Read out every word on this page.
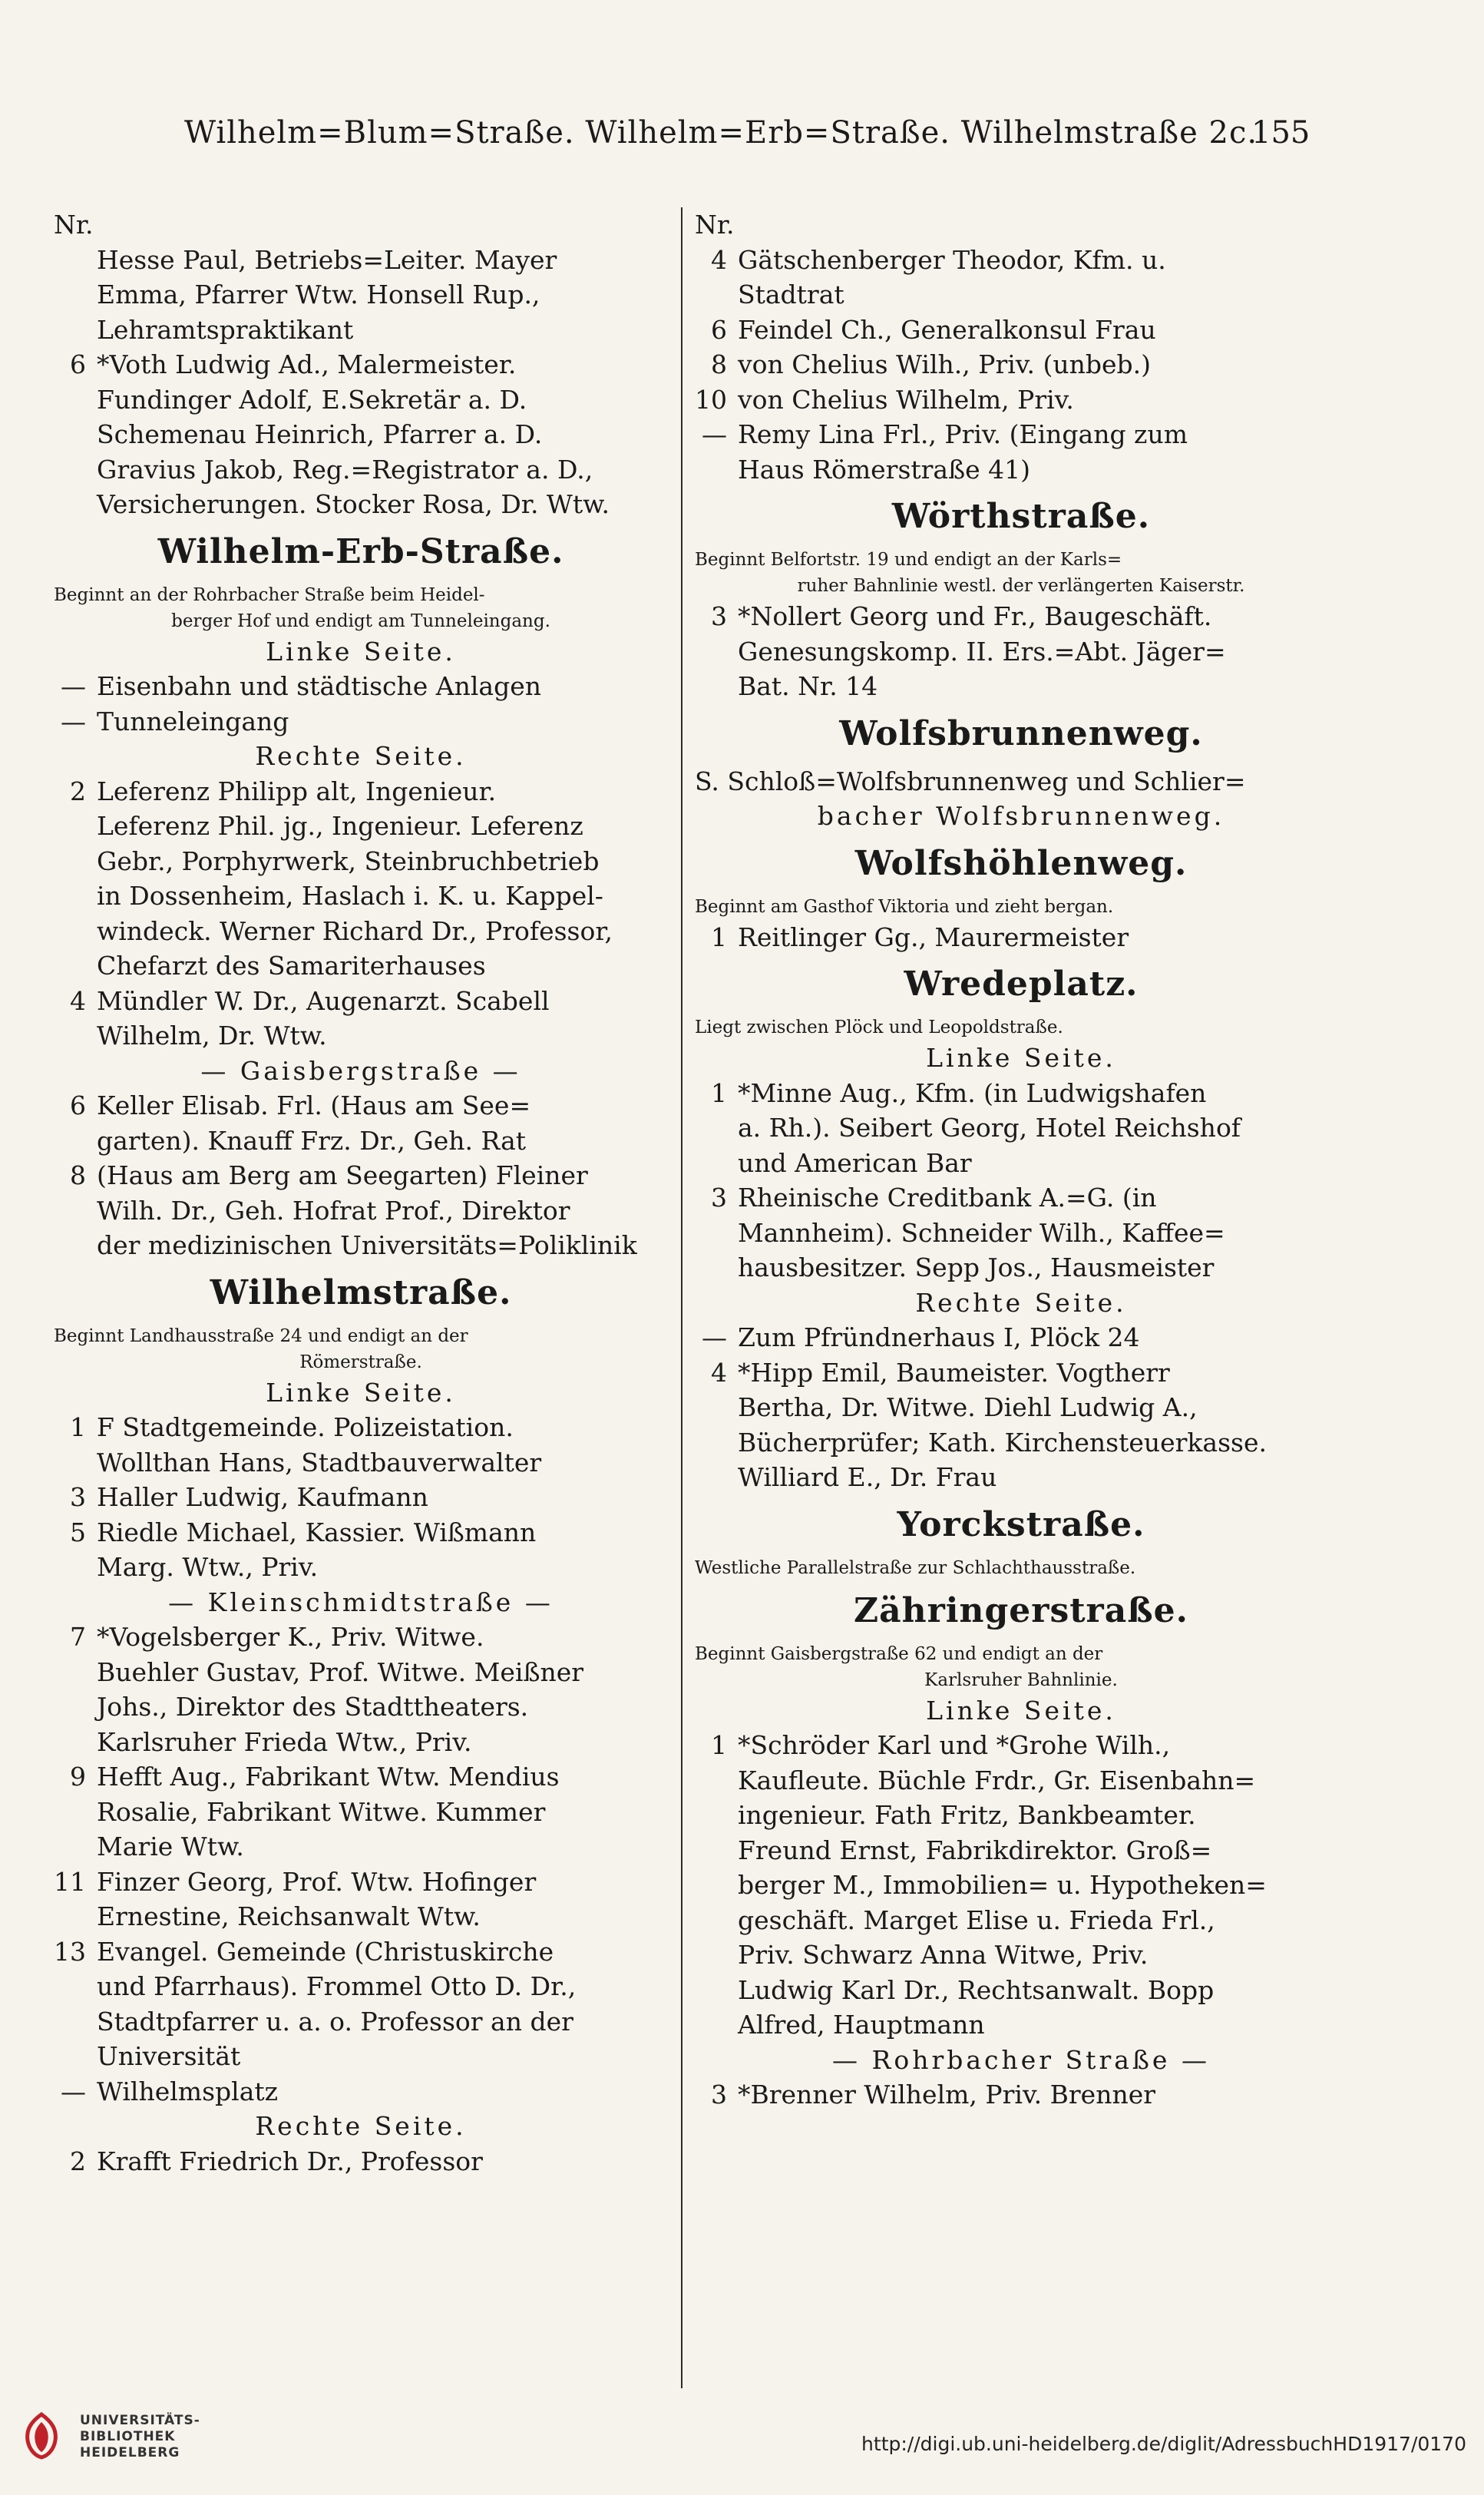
Wilhelm=Blum=Straße. Wilhelm=Erb=Straße. Wilhelmstraße 2c.
155
Nr.
Hesse Paul, Betriebs=Leiter. Mayer
Emma, Pfarrer Wtw. Honsell Rup.,
Lehramtspraktikant
6 *Voth Ludwig Ad., Malermeister.
Fundinger Adolf, E.Sekretär a. D.
Schemenau Heinrich, Pfarrer a. D.
Gravius Jakob, Reg.=Registrator a. D.,
Versicherungen. Stocker Rosa, Dr. Wtw.
Wilhelm-Erb-Straße.
Beginnt an der Rohrbacher Straße beim Heidel-
berger Hof und endigt am Tunneleingang.
Linke Seite.
— Eisenbahn und städtische Anlagen
— Tunneleingang
Rechte Seite.
2 Leferenz Philipp alt, Ingenieur.
Leferenz Phil. jg., Ingenieur. Leferenz
Gebr., Porphyrwerk, Steinbruchbetrieb
in Dossenheim, Haslach i. K. u. Kappel-
windeck. Werner Richard Dr., Professor,
Chefarzt des Samariterhauses
4 Mündler W. Dr., Augenarzt. Scabell
Wilhelm, Dr. Wtw.
— Gaisbergstraße —
6 Keller Elisab. Frl. (Haus am See=
garten). Knauff Frz. Dr., Geh. Rat
8 (Haus am Berg am Seegarten) Fleiner
Wilh. Dr., Geh. Hofrat Prof., Direktor
der medizinischen Universitäts=Poliklinik
Wilhelmstraße.
Beginnt Landhausstraße 24 und endigt an der
Römerstraße.
Linke Seite.
1 F Stadtgemeinde. Polizeistation.
Wollthan Hans, Stadtbauverwalter
3 Haller Ludwig, Kaufmann
5 Riedle Michael, Kassier. Wißmann
Marg. Wtw., Priv.
— Kleinschmidtstraße —
7 *Vogelsberger K., Priv. Witwe.
Buehler Gustav, Prof. Witwe. Meißner
Johs., Direktor des Stadttheaters.
Karlsruher Frieda Wtw., Priv.
9 Hefft Aug., Fabrikant Wtw. Mendius
Rosalie, Fabrikant Witwe. Kummer
Marie Wtw.
11 Finzer Georg, Prof. Wtw. Hofinger
Ernestine, Reichsanwalt Wtw.
13 Evangel. Gemeinde (Christuskirche
und Pfarrhaus). Frommel Otto D. Dr.,
Stadtpfarrer u. a. o. Professor an der
Universität
— Wilhelmsplatz
Rechte Seite.
2 Krafft Friedrich Dr., Professor
Nr.
4 Gätschenberger Theodor, Kfm. u.
Stadtrat
6 Feindel Ch., Generalkonsul Frau
8 von Chelius Wilh., Priv. (unbeb.)
10 von Chelius Wilhelm, Priv.
— Remy Lina Frl., Priv. (Eingang zum
Haus Römerstraße 41)
Wörthstraße.
Beginnt Belfortstr. 19 und endigt an der Karls=
ruher Bahnlinie westl. der verlängerten Kaiserstr.
3 *Nollert Georg und Fr., Baugeschäft.
Genesungskomp. II. Ers.=Abt. Jäger=
Bat. Nr. 14
Wolfsbrunnenweg.
S. Schloß=Wolfsbrunnenweg und Schlier=
bacher Wolfsbrunnenweg.
Wolfshöhlenweg.
Beginnt am Gasthof Viktoria und zieht bergan.
1 Reitlinger Gg., Maurermeister
Wredeplatz.
Liegt zwischen Plöck und Leopoldstraße.
Linke Seite.
1 *Minne Aug., Kfm. (in Ludwigshafen
a. Rh.). Seibert Georg, Hotel Reichshof
und American Bar
3 Rheinische Creditbank A.=G. (in
Mannheim). Schneider Wilh., Kaffee=
hausbesitzer. Sepp Jos., Hausmeister
Rechte Seite.
— Zum Pfründnerhaus I, Plöck 24
4 *Hipp Emil, Baumeister. Vogtherr
Bertha, Dr. Witwe. Diehl Ludwig A.,
Bücherprüfer; Kath. Kirchensteuerkasse.
Williard E., Dr. Frau
Yorckstraße.
Westliche Parallelstraße zur Schlachthausstraße.
Zähringerstraße.
Beginnt Gaisbergstraße 62 und endigt an der
Karlsruher Bahnlinie.
Linke Seite.
1 *Schröder Karl und *Grohe Wilh.,
Kaufleute. Büchle Frdr., Gr. Eisenbahn=
ingenieur. Fath Fritz, Bankbeamter.
Freund Ernst, Fabrikdirektor. Groß=
berger M., Immobilien= u. Hypotheken=
geschäft. Marget Elise u. Frieda Frl.,
Priv. Schwarz Anna Witwe, Priv.
Ludwig Karl Dr., Rechtsanwalt. Bopp
Alfred, Hauptmann
— Rohrbacher Straße —
3 *Brenner Wilhelm, Priv. Brenner
UNIVERSITÄTS-
BIBLIOTHEK
HEIDELBERG	http://digi.ub.uni-heidelberg.de/diglit/AdressbuchHD1917/0170
